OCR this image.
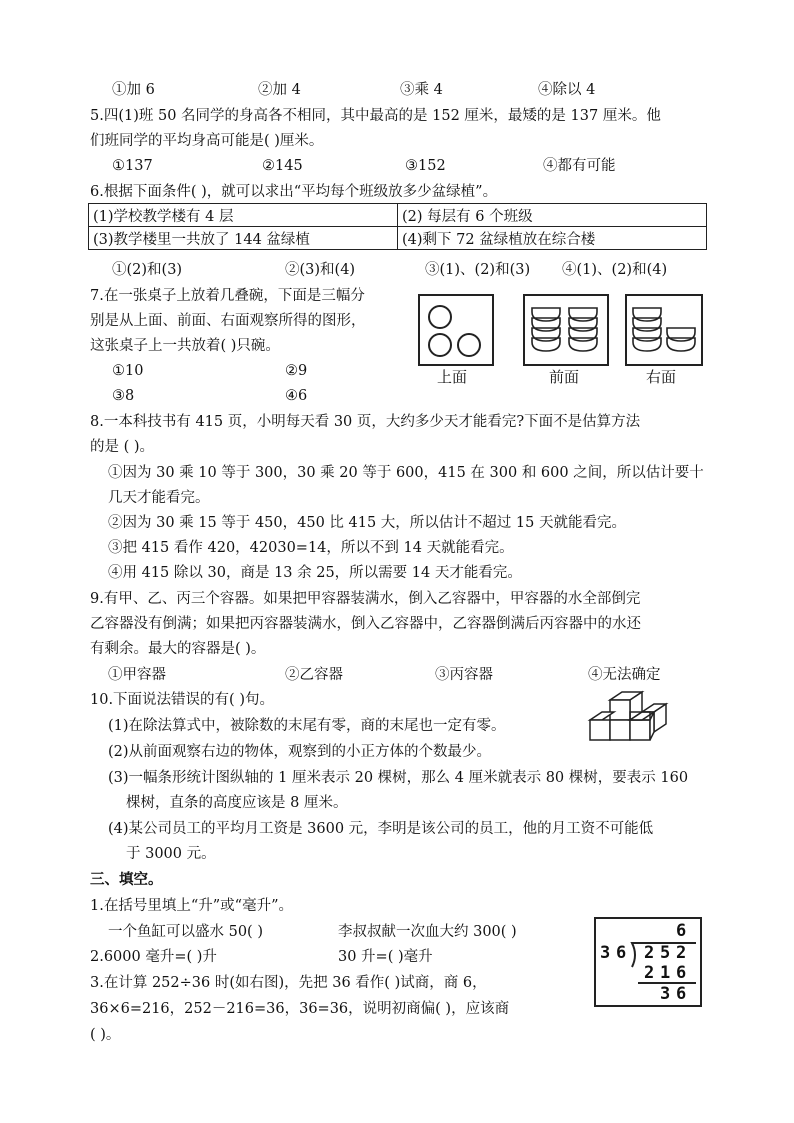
①加 6	②加 4	③乘 4	④除以 4
5.四(1)班 50 名同学的身高各不相同，其中最高的是 152 厘米，最矮的是 137 厘米。他
们班同学的平均身高可能是( )厘米。
①137	②145	③152	④都有可能
6.根据下面条件( )，就可以求出“平均每个班级放多少盆绿植”。
(1)学校教学楼有 4 层	(2) 每层有 6 个班级
(3)教学楼里一共放了 144 盆绿植	(4)剩下 72 盆绿植放在综合楼
①(2)和(3)	②(3)和(4)	③(1)、(2)和(3) ④(1)、(2)和(4)
7.在一张桌子上放着几叠碗，下面是三幅分
别是从上面、前面、右面观察所得的图形，
这张桌子上一共放着( )只碗。
①10	②9
③8	④6
上面	前面	右面
8.一本科技书有 415 页，小明每天看 30 页，大约多少天才能看完?下面不是估算方法
的是 ( )。
①因为 30 乘 10 等于 300，30 乘 20 等于 600，415 在 300 和 600 之间，所以估计要十
几天才能看完。
②因为 30 乘 15 等于 450，450 比 415 大，所以估计不超过 15 天就能看完。
③把 415 看作 420，42030=14，所以不到 14 天就能看完。
④用 415 除以 30，商是 13 余 25，所以需要 14 天才能看完。
9.有甲、乙、丙三个容器。如果把甲容器装满水，倒入乙容器中，甲容器的水全部倒完
乙容器没有倒满；如果把丙容器装满水，倒入乙容器中，乙容器倒满后丙容器中的水还
有剩余。最大的容器是( )。
①甲容器	②乙容器	③丙容器	④无法确定
10.下面说法错误的有( )句。
(1)在除法算式中，被除数的末尾有零，商的末尾也一定有零。
(2)从前面观察右边的物体，观察到的小正方体的个数最少。
(3)一幅条形统计图纵轴的 1 厘米表示 20 棵树，那么 4 厘米就表示 80 棵树，要表示 160
棵树，直条的高度应该是 8 厘米。
(4)某公司员工的平均月工资是 3600 元，李明是该公司的员工，他的月工资不可能低
于 3000 元。
三、填空。
1.在括号里填上“升”或“毫升”。
一个鱼缸可以盛水 50( )	李叔叔献一次血大约 300( )
2.6000 毫升=( )升	30 升=( )毫升
3.在计算 252÷36 时(如右图)，先把 36 看作( )试商，商 6，
36×6=216，252－216=36，36=36，说明初商偏( )，应该商
( )。
6
3 6 2 5 2
2 1 6
3 6
